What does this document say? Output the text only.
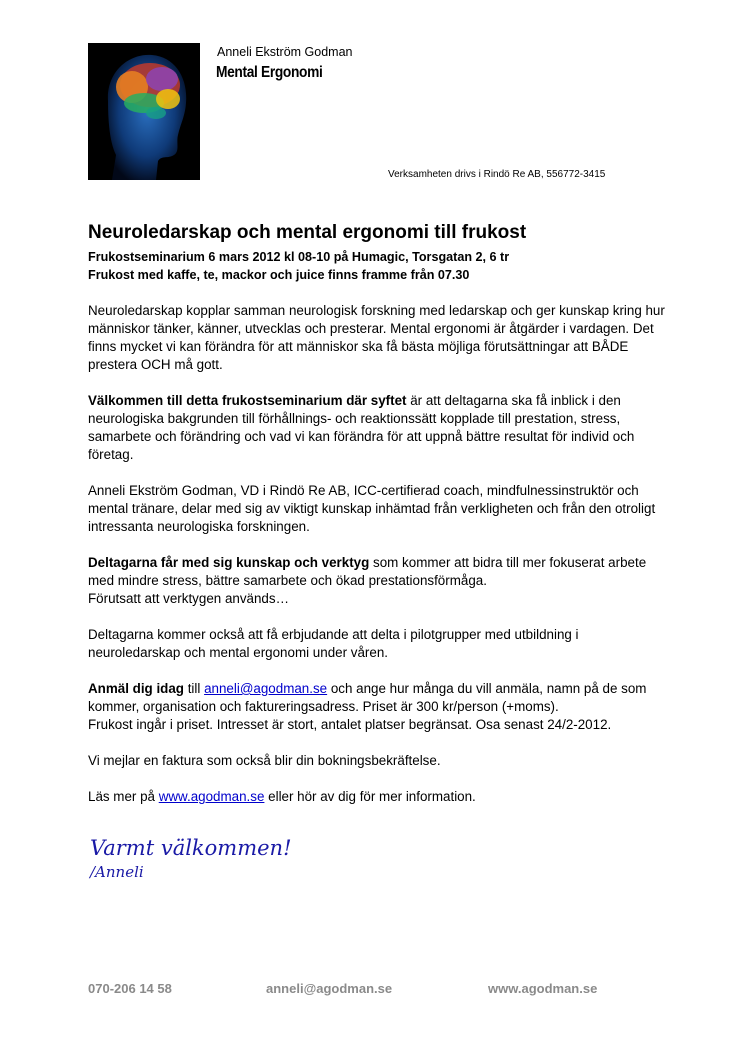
Anneli Ekström Godman
Mental Ergonomi
Verksamheten drivs i Rindö Re AB, 556772-3415
Neuroledarskap och mental ergonomi till frukost
Frukostseminarium 6 mars 2012 kl 08-10 på Humagic, Torsgatan 2, 6 tr
Frukost med kaffe, te, mackor och juice finns framme från 07.30

Neuroledarskap kopplar samman neurologisk forskning med ledarskap och ger kunskap kring hur människor tänker, känner, utvecklas och presterar. Mental ergonomi är åtgärder i vardagen. Det finns mycket vi kan förändra för att människor ska få bästa möjliga förutsättningar att BÅDE prestera OCH må gott.

Välkommen till detta frukostseminarium där syftet är att deltagarna ska få inblick i den neurologiska bakgrunden till förhållnings- och reaktionssätt kopplade till prestation, stress, samarbete och förändring och vad vi kan förändra för att uppnå bättre resultat för individ och företag.

Anneli Ekström Godman, VD i Rindö Re AB, ICC-certifierad coach, mindfulnessinstruktör och mental tränare, delar med sig av viktigt kunskap inhämtad från verkligheten och från den otroligt intressanta neurologiska forskningen.

Deltagarna får med sig kunskap och verktyg som kommer att bidra till mer fokuserat arbete med mindre stress, bättre samarbete och ökad prestationsförmåga.
Förutsatt att verktygen används…

Deltagarna kommer också att få erbjudande att delta i pilotgrupper med utbildning i neuroledarskap och mental ergonomi under våren.

Anmäl dig idag till anneli@agodman.se och ange hur många du vill anmäla, namn på de som kommer, organisation och faktureringsadress. Priset är 300 kr/person (+moms).
Frukost ingår i priset. Intresset är stort, antalet platser begränsat. Osa senast 24/2-2012.

Vi mejlar en faktura som också blir din bokningsbekräftelse.

Läs mer på www.agodman.se eller hör av dig för mer information.

Varmt välkommen!
/Anneli
070-206 14 58	anneli@agodman.se	www.agodman.se
